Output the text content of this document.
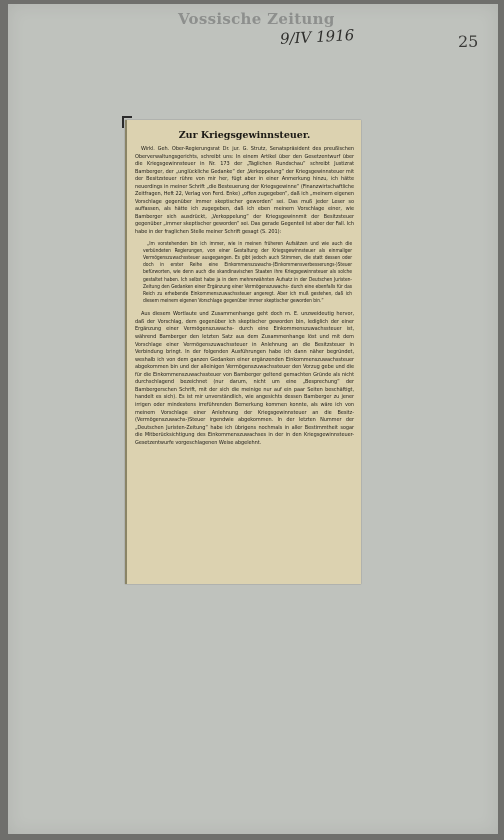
Vossische Zeitung
9/IV 1916	25
Zur Kriegsgewinnsteuer.

Wirkl. Geh. Ober-Regierungsrat Dr. jur. G. Strutz, Senatspräsident des preußischen Oberverwaltungsgerichts, schreibt uns: In einem Artikel über den Gesetzentwurf über die Kriegsgewinnsteuer in Nr. 173 der „Täglichen Rundschau“ schreibt Justizrat Bamberger, der „unglückliche Gedanke“ der „Verkoppelung“ der Kriegsgewinnsteuer mit der Besitzsteuer rühre von mir her, fügt aber in einer Anmerkung hinzu, ich hätte neuerdings in meiner Schrift „die Besteuerung der Kriegsgewinne“ (Finanzwirtschaftliche Zeitfragen, Heft 22, Verlag von Ferd. Enke) „offen zugegeben“, daß ich „meinem eigenen Vorschlage gegenüber immer skeptischer geworden“ sei. Das muß jeder Leser so auffassen, als hätte ich zugegeben, daß ich eben meinem Vorschlage einer, wie Bamberger sich ausdrückt, „Verkoppelung“ der Kriegsgewinnmit der Besitzsteuer gegenüber „immer skeptischer geworden“ sei. Das gerade Gegenteil ist aber der Fall. Ich habe in der fraglichen Stelle meiner Schrift gesagt (S. 201):

„Im vorstehenden bin ich immer, wie in meinen früheren Aufsätzen und wie auch die verbündeten Regierungen, von einer Gestaltung der Kriegsgewinnsteuer als einmaliger Vermögenszuwachssteuer ausgegangen. Es gibt jedoch auch Stimmen, die statt dessen oder doch in erster Reihe eine Einkommenszuwachs-(Einkommensverbesserungs-)Steuer befürworten, wie denn auch die skandinavischen Staaten ihre Kriegsgewinnsteuer als solche gestaltet haben. Ich selbst habe ja in dem mehrerwähnten Aufsatz in der Deutschen Juristen-Zeitung den Gedanken einer Ergänzung einer Vermögenszuwachs- durch eine ebenfalls für das Reich zu erhebende Einkommenszuwachssteuer angeregt. Aber ich muß gestehen, daß ich diesem meinem eigenen Vorschlage gegenüber immer skeptischer geworden bin.“

Aus diesem Wortlaute und Zusammenhange geht doch m. E. unzweideutig hervor, daß der Vorschlag, dem gegenüber ich skeptischer geworden bin, lediglich der einer Ergänzung einer Vermögenszuwachs- durch eine Einkommenszuwachssteuer ist, während Bamberger den letzten Satz aus dem Zusammenhange löst und mit dem Vorschlage einer Vermögenszuwachssteuer in Anlehnung an die Besitzsteuer in Verbindung bringt. In der folgenden Ausführungen habe ich dann näher begründet, weshalb ich von dem ganzen Gedanken einer ergänzenden Einkommenszuwachssteuer abgekommen bin und der alleinigen Vermögenszuwachssteuer den Vorzug gebe und die für die Einkommenszuwachssteuer von Bamberger geltend gemachten Gründe als nicht durchschlagend bezeichnet (nur darum, nicht um eine „Besprechung“ der Bambergerschen Schrift, mit der sich die meinige nur auf ein paar Seiten beschäftigt, handelt es sich). Es ist mir unverständlich, wie angesichts dessen Bamberger zu jener irrigen oder mindestens irreführenden Bemerkung kommen konnte, als wäre ich von meinem Vorschlage einer Anlehnung der Kriegsgewinnsteuer an die Besitz-(Vermögenszuwachs-)Steuer irgendwie abgekommen. In der letzten Nummer der „Deutschen Juristen-Zeitung“ habe ich übrigens nochmals in aller Bestimmtheit sogar die Mitberücksichtigung des Einkommenszuwachses in der in den Kriegsgewinnsteuer-Gesetzentwurfe vorgeschlagenen Weise abgelehnt.
